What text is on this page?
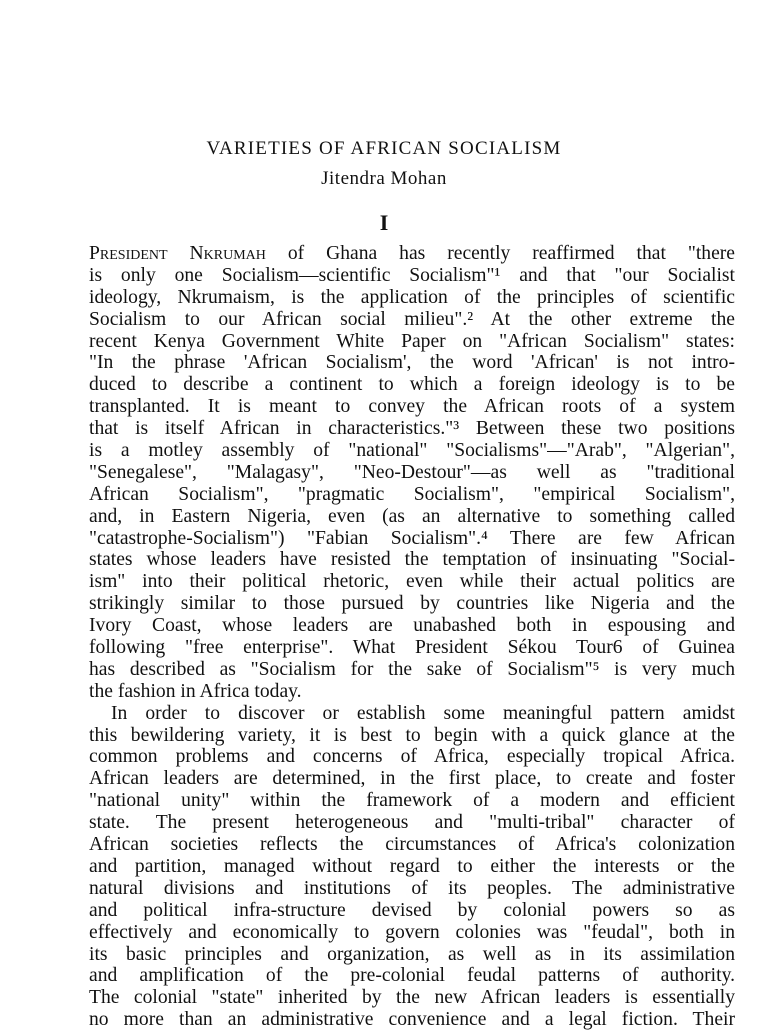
VARIETIES OF AFRICAN SOCIALISM
Jitendra Mohan
I

President Nkrumah of Ghana has recently reaffirmed that "there
is only one Socialism—scientific Socialism"¹ and that "our Socialist
ideology, Nkrumaism, is the application of the principles of scientific
Socialism to our African social milieu".² At the other extreme the
recent Kenya Government White Paper on "African Socialism" states:
"In the phrase 'African Socialism', the word 'African' is not intro-
duced to describe a continent to which a foreign ideology is to be
transplanted. It is meant to convey the African roots of a system
that is itself African in characteristics."³ Between these two positions
is a motley assembly of "national" "Socialisms"—"Arab", "Algerian",
"Senegalese", "Malagasy", "Neo-Destour"—as well as "traditional
African Socialism", "pragmatic Socialism", "empirical Socialism",
and, in Eastern Nigeria, even (as an alternative to something called
"catastrophe-Socialism") "Fabian Socialism".⁴ There are few African
states whose leaders have resisted the temptation of insinuating "Social-
ism" into their political rhetoric, even while their actual politics are
strikingly similar to those pursued by countries like Nigeria and the
Ivory Coast, whose leaders are unabashed both in espousing and
following "free enterprise". What President Sékou Tour6 of Guinea
has described as "Socialism for the sake of Socialism"⁵ is very much
the fashion in Africa today.

In order to discover or establish some meaningful pattern amidst
this bewildering variety, it is best to begin with a quick glance at the
common problems and concerns of Africa, especially tropical Africa.
African leaders are determined, in the first place, to create and foster
"national unity" within the framework of a modern and efficient
state. The present heterogeneous and "multi-tribal" character of
African societies reflects the circumstances of Africa's colonization
and partition, managed without regard to either the interests or the
natural divisions and institutions of its peoples. The administrative
and political infra-structure devised by colonial powers so as
effectively and economically to govern colonies was "feudal", both in
its basic principles and organization, as well as in its assimilation
and amplification of the pre-colonial feudal patterns of authority.
The colonial "state" inherited by the new African leaders is essentially
no more than an administrative convenience and a legal fiction. Their
